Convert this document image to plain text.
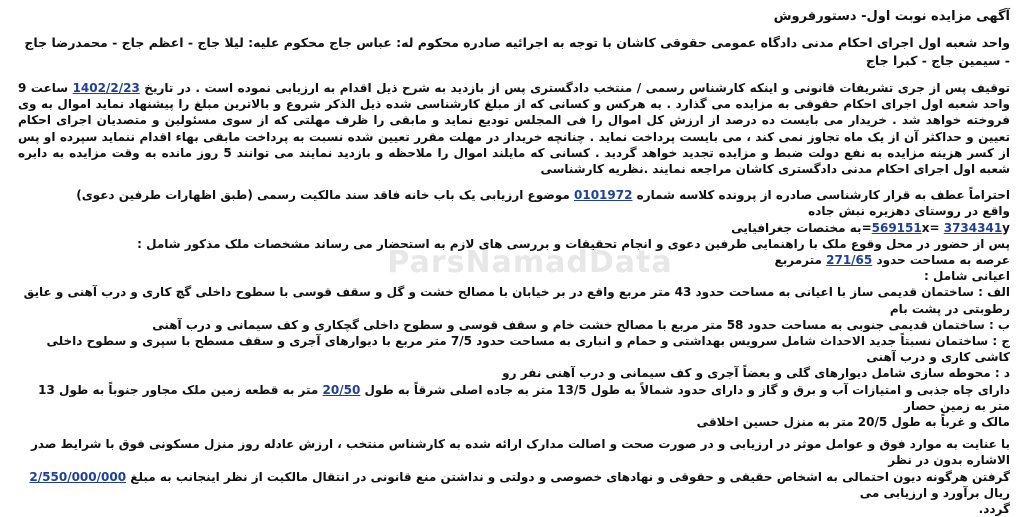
آگهی مزایده نوبت اول- دستورفروش
واحد شعبه اول اجرای احکام مدنی دادگاه عمومی حقوقی کاشان با توجه به اجرائیه صادره محکوم له: عباس جاج محکوم علیه: لیلا جاج - اعظم جاج - محمدرضا جاج - سیمین جاج - کبرا جاج
توقیف پس از جری تشریفات قانونی و اینکه کارشناس رسمی / منتخب دادگستری پس از بازدید به شرح ذیل اقدام به ارزیابی نموده است . در تاریخ 1402/2/23 ساعت 9 واحد شعبه اول اجرای احکام حقوقی به مزایده می گذارد . به هرکس و کسانی که از مبلغ کارشناسی شده ذیل الذکر شروع و بالاترین مبلغ را پیشنهاد نماید اموال به وی فروخته خواهد شد . خریدار می بایست ده درصد از ارزش کل اموال را فی المجلس تودیع نماید و مابقی را ظرف مهلتی که از سوی مسئولین و متصدیان اجرای احکام تعیین و حداکثر آن از یک ماه تجاوز نمی کند ، می بایست پرداخت نماید . چنانچه خریدار در مهلت مقرر تعیین شده نسبت به پرداخت مابقی بهاء اقدام ننماید سپرده او پس از کسر هزینه مزایده به نفع دولت ضبط و مزایده تجدید خواهد گردید . کسانی که مایلند اموال را ملاحظه و بازدید نمایند می توانند 5 روز مانده به وقت مزایده به دایره شعبه اول اجرای احکام مدنی دادگستری کاشان مراجعه نمایند .نظریه کارشناسی
احتراماً عطف به قرار کارشناسی صادره از پرونده کلاسه شماره 0101972 موضوع ارزیابی یک باب خانه فاقد سند مالکیت رسمی (طبق اظهارات طرفین دعوی)
واقع در روستای دهزیره نبش جاده
569151x= 3734341y=به مختصات جغرافیایی
پس از حضور در محل وقوع ملک با راهنمایی طرفین دعوی و انجام تحقیقات و بررسی های لازم به استحضار می رساند مشخصات ملک مذکور شامل :
عرصه به مساحت حدود 271/65 مترمربع
اعیانی شامل :
الف : ساختمان قدیمی ساز با اعیانی به مساحت حدود 43 متر مربع واقع در بر خیابان با مصالح خشت و گل و سقف قوسی با سطوح داخلی گچ کاری و درب آهنی و عایق رطوبتی در پشت بام
ب : ساختمان قدیمی جنوبی به مساحت حدود 58 متر مربع با مصالح خشت خام و سقف قوسی و سطوح داخلی گچکاری و کف سیمانی و درب آهنی
ج : ساختمان نسبتاً جدید الاحداث شامل سرویس بهداشتی و حمام و انباری به مساحت حدود 7/5 متر مربع با دیوارهای آجری و سقف مسطح با سپری و سطوح داخلی کاشی کاری و درب آهنی
د : محوطه سازی شامل دیوارهای گلی و بعضاً آجری و کف سیمانی و درب آهنی نفر رو
دارای چاه جذبی و امتیازات آب و برق و گاز و دارای حدود شمالاً به طول 13/5 متر به جاده اصلی شرقاً به طول 20/50 متر به قطعه زمین ملک مجاور جنوباً به طول 13 متر به زمین حصار
مالک و غرباً به طول 20/5 متر به منزل حسین اخلاقی
با عنایت به موارد فوق و عوامل موثر در ارزیابی و در صورت صحت و اصالت مدارک ارائه شده به کارشناس منتخب ، ارزش عادله روز منزل مسکونی فوق با شرایط صدر الاشاره بدون در نظر
گرفتن هرگونه دیون احتمالی به اشخاص حقیقی و حقوقی و نهادهای خصوصی و دولتی و نداشتن منع قانونی در انتقال مالکیت از نظر اینجانب به مبلغ 2/550/000/000 ریال برآورد و ارزیابی می
گردد.
ParsNamadData
